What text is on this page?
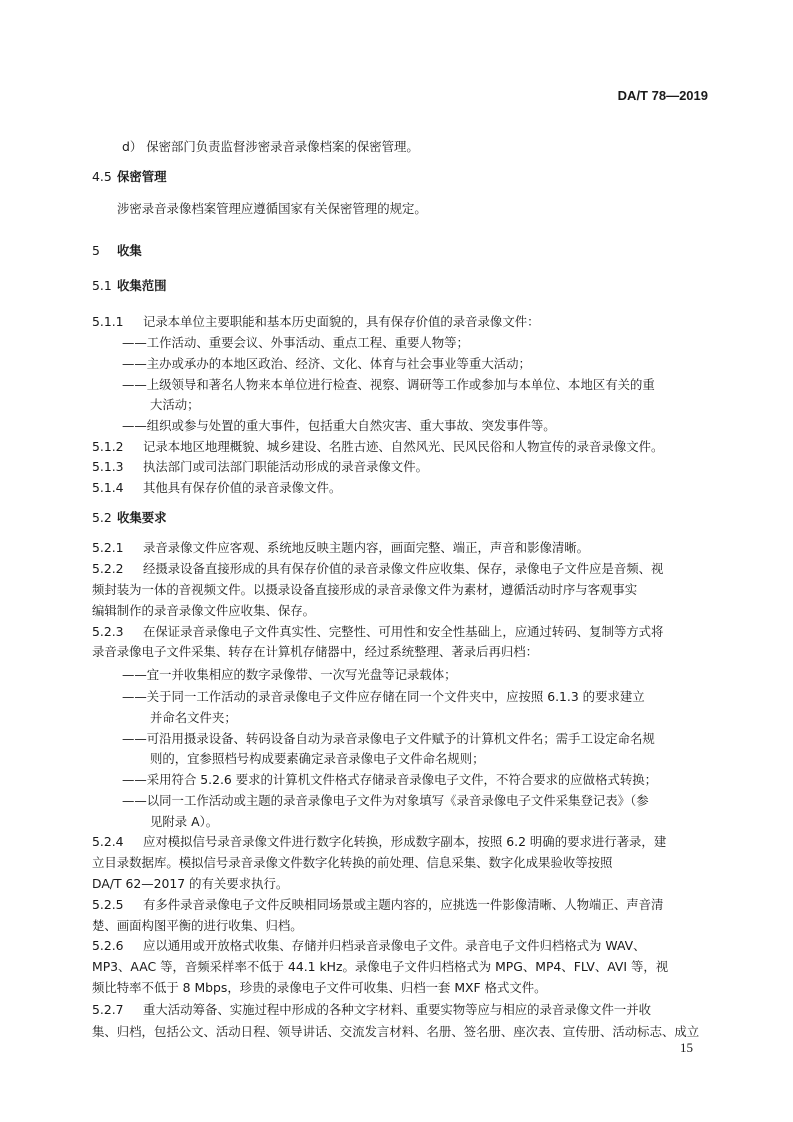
DA/T 78—2019
d） 保密部门负责监督涉密录音录像档案的保密管理。
4.5 保密管理
涉密录音录像档案管理应遵循国家有关保密管理的规定。
5 收集
5.1 收集范围
5.1.1 记录本单位主要职能和基本历史面貌的，具有保存价值的录音录像文件：
——工作活动、重要会议、外事活动、重点工程、重要人物等；
——主办或承办的本地区政治、经济、文化、体育与社会事业等重大活动；
——上级领导和著名人物来本单位进行检查、视察、调研等工作或参加与本单位、本地区有关的重
大活动；
——组织或参与处置的重大事件，包括重大自然灾害、重大事故、突发事件等。
5.1.2 记录本地区地理概貌、城乡建设、名胜古迹、自然风光、民风民俗和人物宣传的录音录像文件。
5.1.3 执法部门或司法部门职能活动形成的录音录像文件。
5.1.4 其他具有保存价值的录音录像文件。
5.2 收集要求
5.2.1 录音录像文件应客观、系统地反映主题内容，画面完整、端正，声音和影像清晰。
5.2.2 经摄录设备直接形成的具有保存价值的录音录像文件应收集、保存，录像电子文件应是音频、视
频封装为一体的音视频文件。以摄录设备直接形成的录音录像文件为素材，遵循活动时序与客观事实
编辑制作的录音录像文件应收集、保存。
5.2.3 在保证录音录像电子文件真实性、完整性、可用性和安全性基础上，应通过转码、复制等方式将
录音录像电子文件采集、转存在计算机存储器中，经过系统整理、著录后再归档：
——宜一并收集相应的数字录像带、一次写光盘等记录载体；
——关于同一工作活动的录音录像电子文件应存储在同一个文件夹中，应按照 6.1.3 的要求建立
并命名文件夹；
——可沿用摄录设备、转码设备自动为录音录像电子文件赋予的计算机文件名；需手工设定命名规
则的，宜参照档号构成要素确定录音录像电子文件命名规则；
——采用符合 5.2.6 要求的计算机文件格式存储录音录像电子文件，不符合要求的应做格式转换；
——以同一工作活动或主题的录音录像电子文件为对象填写《录音录像电子文件采集登记表》（参
见附录 A）。
5.2.4 应对模拟信号录音录像文件进行数字化转换，形成数字副本，按照 6.2 明确的要求进行著录，建
立目录数据库。模拟信号录音录像文件数字化转换的前处理、信息采集、数字化成果验收等按照
DA/T 62—2017 的有关要求执行。
5.2.5 有多件录音录像电子文件反映相同场景或主题内容的，应挑选一件影像清晰、人物端正、声音清
楚、画面构图平衡的进行收集、归档。
5.2.6 应以通用或开放格式收集、存储并归档录音录像电子文件。录音电子文件归档格式为 WAV、
MP3、AAC 等，音频采样率不低于 44.1 kHz。录像电子文件归档格式为 MPG、MP4、FLV、AVI 等，视
频比特率不低于 8 Mbps，珍贵的录像电子文件可收集、归档一套 MXF 格式文件。
5.2.7 重大活动筹备、实施过程中形成的各种文字材料、重要实物等应与相应的录音录像文件一并收
集、归档，包括公文、活动日程、领导讲话、交流发言材料、名册、签名册、座次表、宣传册、活动标志、成立
15
